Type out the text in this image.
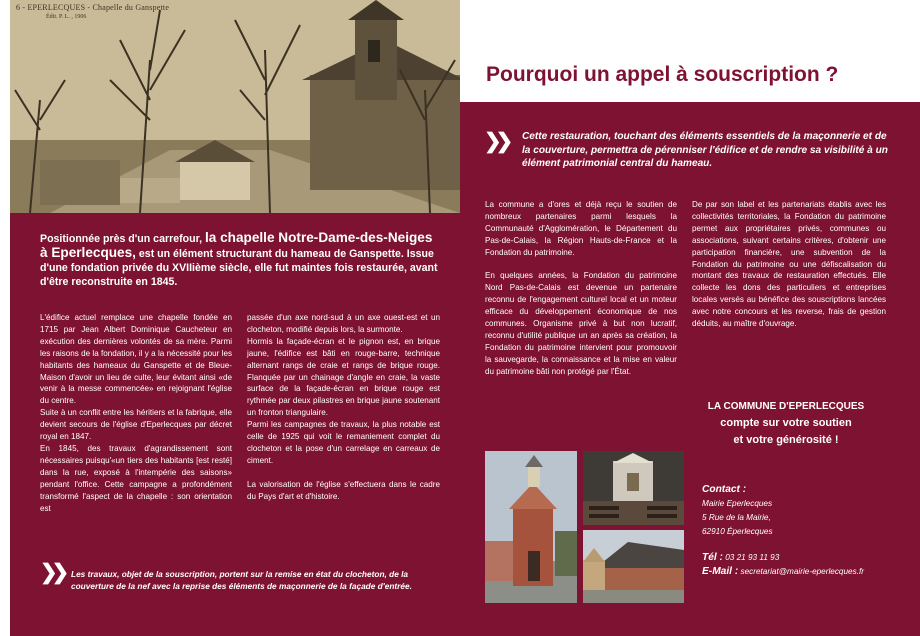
6 - EPERLECQUES - Chapelle du Ganspette
Édit. P. L. , 1906
Pourquoi un appel à souscription ?
Positionnée près d'un carrefour, la chapelle Notre-Dame-des-Neiges à Eperlecques, est un élément structurant du hameau de Ganspette. Issue d'une fondation privée du XVIIième siècle, elle fut maintes fois restaurée, avant d'être reconstruite en 1845.

L'édifice actuel remplace une chapelle fondée en 1715 par Jean Albert Dominique Caucheteur en exécution des dernières volontés de sa mère. Parmi les raisons de la fondation, il y a la nécessité pour les habitants des hameaux du Ganspette et de Bleue-Maison d'avoir un lieu de culte, leur évitant ainsi «de venir à la messe commencée» en rejoignant l'église du centre.

Suite à un conflit entre les héritiers et la fabrique, elle devient secours de l'église d'Eperlecques par décret royal en 1847.

En 1845, des travaux d'agrandissement sont nécessaires puisqu'«un tiers des habitants [est resté] dans la rue, exposé à l'intempérie des saisons» pendant l'office. Cette campagne a profondément transformé l'aspect de la chapelle : son orientation est

passée d'un axe nord-sud à un axe ouest-est et un clocheton, modifié depuis lors, la surmonte.

Hormis la façade-écran et le pignon est, en brique jaune, l'édifice est bâti en rouge-barre, technique alternant rangs de craie et rangs de brique rouge. Flanquée par un chainage d'angle en craie, la vaste surface de la façade-écran en brique rouge est rythmée par deux pilastres en brique jaune soutenant un fronton triangulaire.

Parmi les campagnes de travaux, la plus notable est celle de 1925 qui voit le remaniement complet du clocheton et la pose d'un carrelage en carreaux de ciment.

La valorisation de l'église s'effectuera dans le cadre du Pays d'art et d'histoire.

❯❯ Les travaux, objet de la souscription, portent sur la remise en état du clocheton, de la couverture de la nef avec la reprise des éléments de maçonnerie de la façade d'entrée.
❯❯ Cette restauration, touchant des éléments essentiels de la maçonnerie et de la couverture, permettra de pérenniser l'édifice et de rendre sa visibilité à un élément patrimonial central du hameau.

La commune a d'ores et déjà reçu le soutien de nombreux partenaires parmi lesquels la Communauté d'Agglomération, le Département du Pas-de-Calais, la Région Hauts-de-France et la Fondation du patrimoine.

En quelques années, la Fondation du patrimoine Nord Pas-de-Calais est devenue un partenaire reconnu de l'engagement culturel local et un moteur efficace du développement économique de nos communes. Organisme privé à but non lucratif, reconnu d'utilité publique un an après sa création, la Fondation du patrimoine intervient pour promouvoir la sauvegarde, la connaissance et la mise en valeur du patrimoine bâti non protégé par l'État.

De par son label et les partenariats établis avec les collectivités territoriales, la Fondation du patrimoine permet aux propriétaires privés, communes ou associations, suivant certains critères, d'obtenir une participation financière, une subvention de la Fondation du patrimoine ou une défiscalisation du montant des travaux de restauration effectués. Elle collecte les dons des particuliers et entreprises locales versés au bénéfice des souscriptions lancées avec notre concours et les reverse, frais de gestion déduits, au maître d'ouvrage.

LA COMMUNE D'EPERLECQUES
compte sur votre soutien
et votre générosité !
Contact :
Mairie Eperlecques
5 Rue de la Mairie,
62910 Éperlecques
Tél : 03 21 93 11 93
E-Mail : secretariat@mairie-eperlecques.fr
